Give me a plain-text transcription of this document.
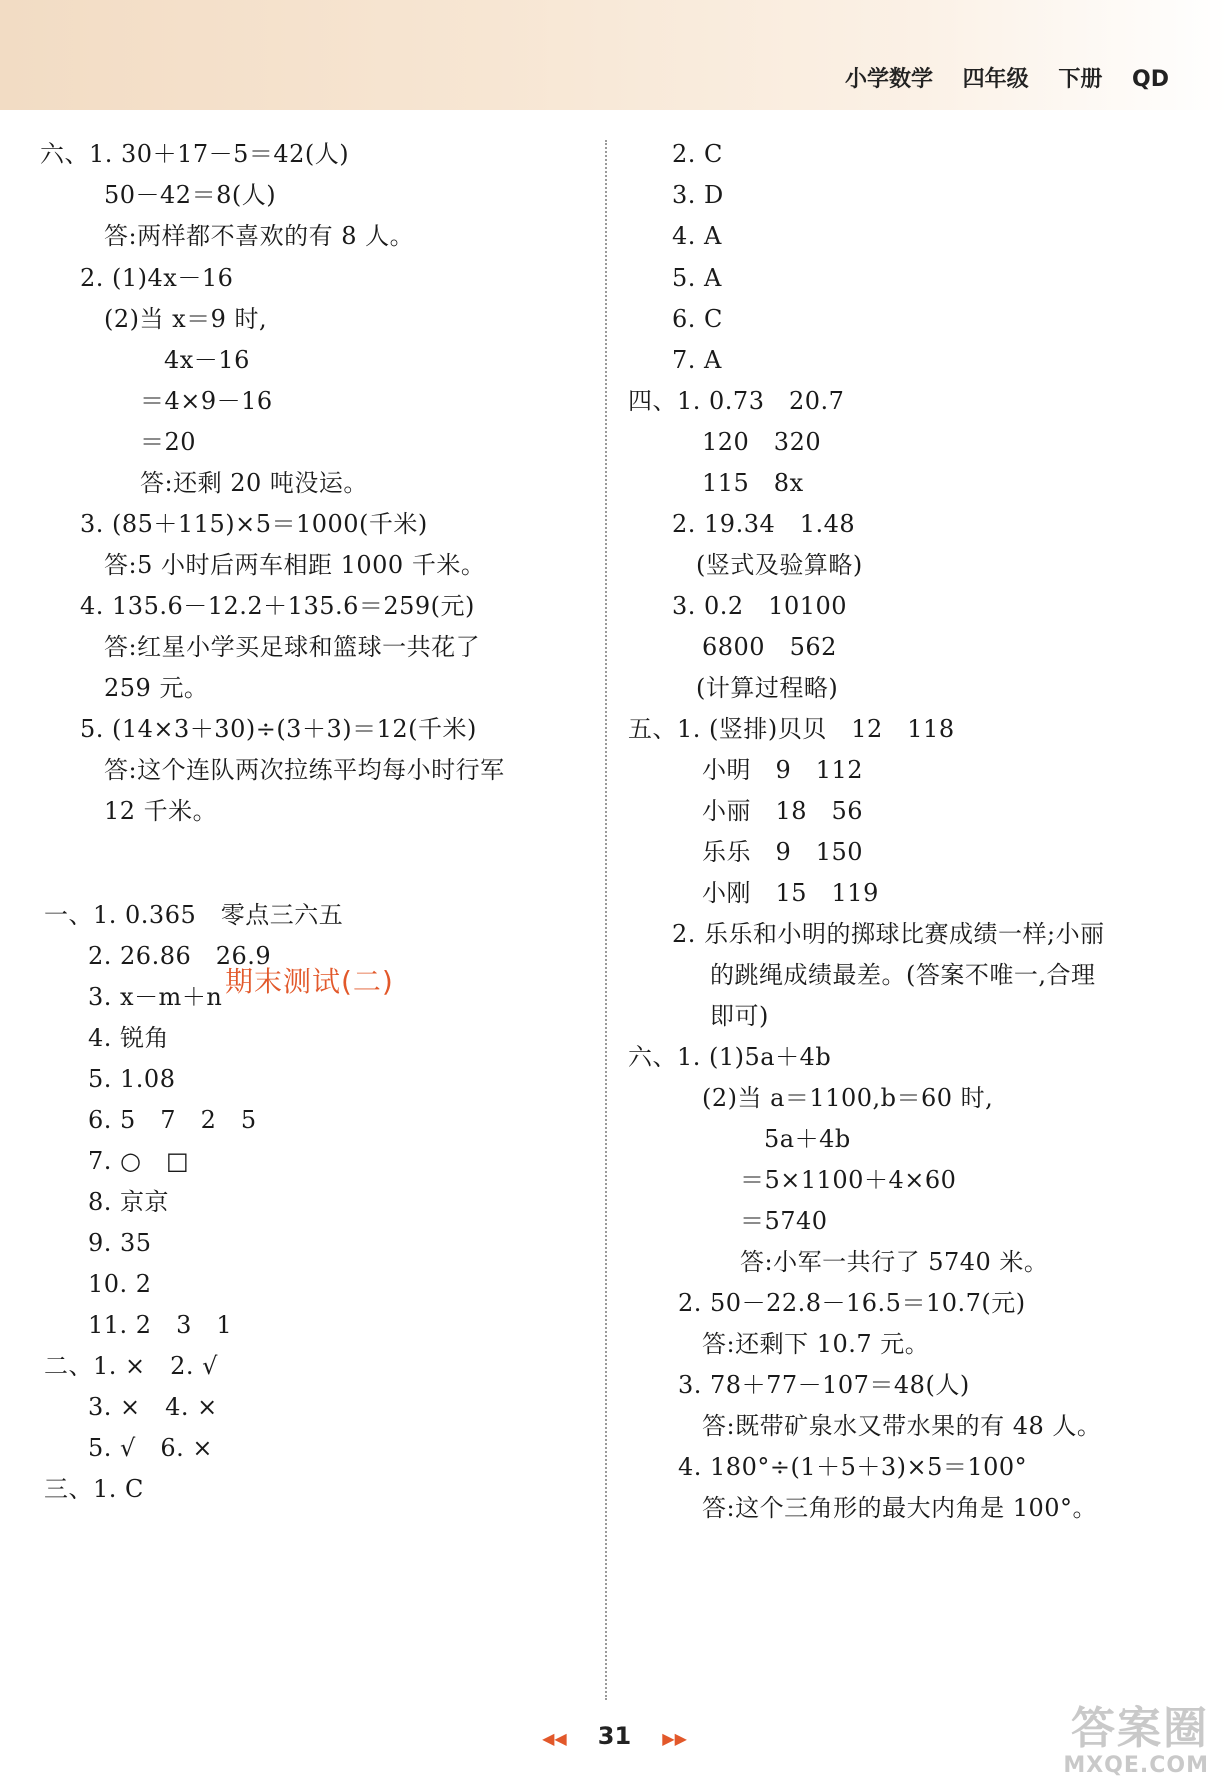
小学数学 四年级 下册 QD
六、1. 30＋17－5＝42(人)
50－42＝8(人)
答:两样都不喜欢的有 8 人。
2. (1)4x－16
(2)当 x＝9 时,
4x－16
＝4×9－16
＝20
答:还剩 20 吨没运。
3. (85＋115)×5＝1000(千米)
答:5 小时后两车相距 1000 千米。
4. 135.6－12.2＋135.6＝259(元)
答:红星小学买足球和篮球一共花了
259 元。
5. (14×3＋30)÷(3＋3)＝12(千米)
答:这个连队两次拉练平均每小时行军
12 千米。
一、1. 0.365　零点三六五
2. 26.86　26.9
3. x－m＋n
4. 锐角
5. 1.08
6. 5　7　2　5
7. ○　□
8. 京京
9. 35
10. 2
11. 2　3　1
二、1. ×　2. √
3. ×　4. ×
5. √　6. ×
三、1. C
期末测试(二)
2. C
3. D
4. A
5. A
6. C
7. A
四、1. 0.73　20.7
120　320
115　8x
2. 19.34　1.48
(竖式及验算略)
3. 0.2　10100
6800　562
(计算过程略)
五、1. (竖排)贝贝　12　118
小明　9　112
小丽　18　56
乐乐　9　150
小刚　15　119
2. 乐乐和小明的掷球比赛成绩一样;小丽
的跳绳成绩最差。(答案不唯一,合理
即可)
六、1. (1)5a＋4b
(2)当 a＝1100,b＝60 时,
5a＋4b
＝5×1100＋4×60
＝5740
答:小军一共行了 5740 米。
2. 50－22.8－16.5＝10.7(元)
答:还剩下 10.7 元。
3. 78＋77－107＝48(人)
答:既带矿泉水又带水果的有 48 人。
4. 180°÷(1＋5＋3)×5＝100°
答:这个三角形的最大内角是 100°。
◀◀ 31 ▶▶	答案圈
MXQE.COM
